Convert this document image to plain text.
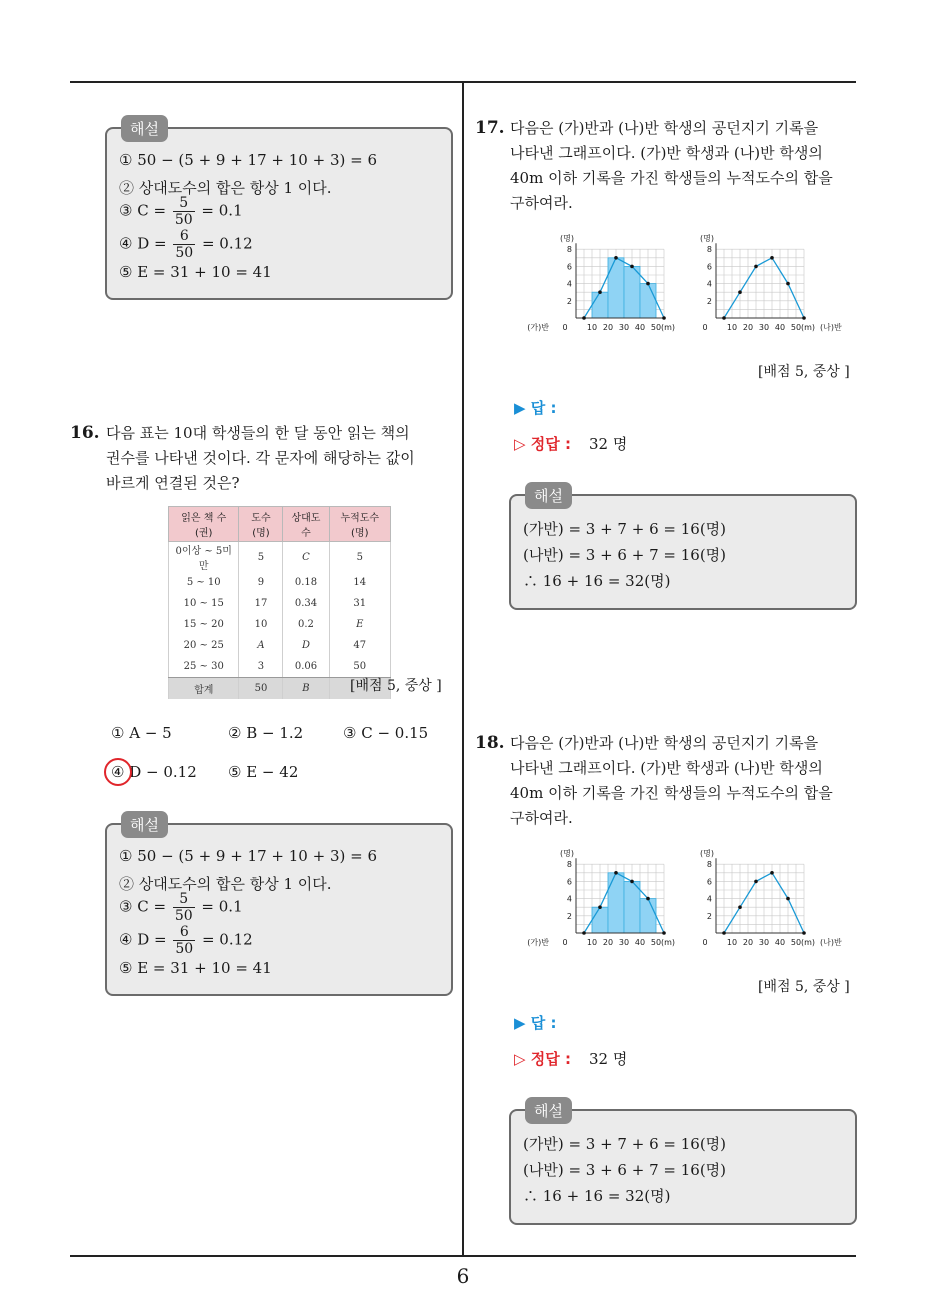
6
해설
① 50 − (5 + 9 + 17 + 10 + 3) = 6
② 상대도수의 합은 항상 1 이다.
③ $C = \frac{5}{50} = 0.1$
④ $D = \frac{6}{50} = 0.12$
⑤ E = 31 + 10 = 41
16. 다음 표는 10대 학생들의 한 달 동안 읽는 책의
권수를 나타낸 것이다. 각 문자에 해당하는 값이
바르게 연결된 것은?
읽은 책 수(권)	도수(명)	상대도수	누적도수(명)
0이상 ~ 5미만	5	C	5
5 ~ 10	9	0.18	14
10 ~ 15	17	0.34	31
15 ~ 20	10	0.2	E
20 ~ 25	A	D	47
25 ~ 30	3	0.06	50
합계	50	B		[배점 5, 중상 ]
① A − 5	② B − 1.2	③ C − 0.15
④ D − 0.12 ⑤ E − 42
해설
① 50 − (5 + 9 + 17 + 10 + 3) = 6
② 상대도수의 합은 항상 1 이다.
③ $C = \frac{5}{50} = 0.1$
④ $D = \frac{6}{50} = 0.12$
⑤ E = 31 + 10 = 41
17. 다음은 (가)반과 (나)반 학생의 공던지기 기록을
나타낸 그래프이다. (가)반 학생과 (나)반 학생의
40m 이하 기록을 가진 학생들의 누적도수의 합을
구하여라.
2
4
6
8
(명)
0 10 20 30 40 50 (m)
(가)반
2
4
6
8
(명)
0 10 20 30 40 50 (m) (나)반
[배점 5, 중상 ]
▶ 답 :
▷ 정답 : 32 명
해설
(가반) = 3 + 7 + 6 = 16(명)
(나반) = 3 + 6 + 7 = 16(명)
∴ 16 + 16 = 32(명)
18. 다음은 (가)반과 (나)반 학생의 공던지기 기록을
나타낸 그래프이다. (가)반 학생과 (나)반 학생의
40m 이하 기록을 가진 학생들의 누적도수의 합을
구하여라.
2
4
6
8
(명)
0 10 20 30 40 50 (m)
(가)반
2
4
6
8
(명)
0 10 20 30 40 50 (m) (나)반
[배점 5, 중상 ]
▶ 답 :
▷ 정답 : 32 명
해설
(가반) = 3 + 7 + 6 = 16(명)
(나반) = 3 + 6 + 7 = 16(명)
∴ 16 + 16 = 32(명)
